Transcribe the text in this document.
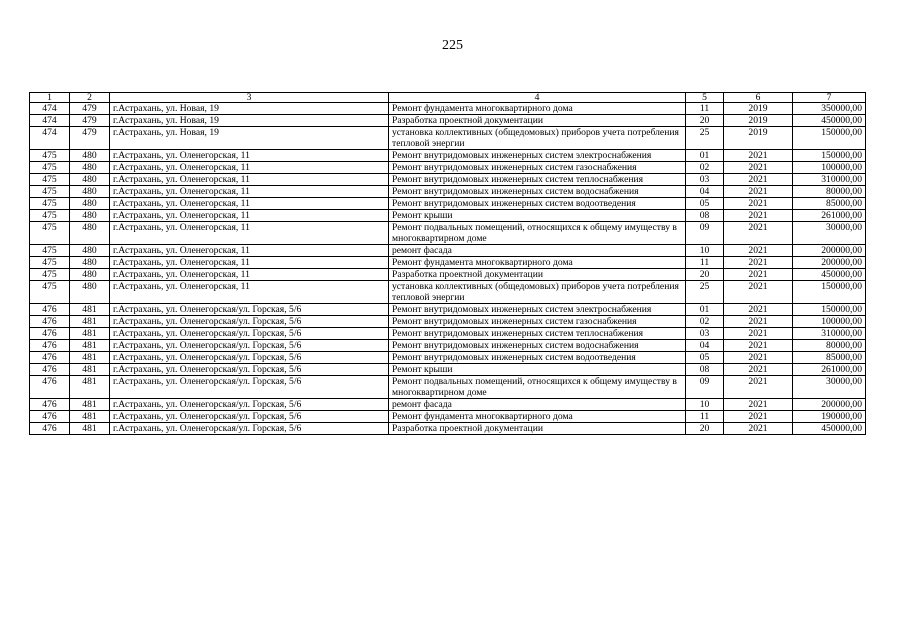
225
1	2	3	4	5	6	7
474	479	г.Астрахань, ул. Новая, 19	Ремонт фундамента многоквартирного дома	11	2019	350000,00
474	479	г.Астрахань, ул. Новая, 19	Разработка проектной документации	20	2019	450000,00
474	479	г.Астрахань, ул. Новая, 19	установка коллективных (общедомовых) приборов учета потребления тепловой энергии	25	2019	150000,00
475	480	г.Астрахань, ул. Оленегорская, 11	Ремонт внутридомовых инженерных систем электроснабжения	01	2021	150000,00
475	480	г.Астрахань, ул. Оленегорская, 11	Ремонт внутридомовых инженерных систем газоснабжения	02	2021	100000,00
475	480	г.Астрахань, ул. Оленегорская, 11	Ремонт внутридомовых инженерных систем теплоснабжения	03	2021	310000,00
475	480	г.Астрахань, ул. Оленегорская, 11	Ремонт внутридомовых инженерных систем водоснабжения	04	2021	80000,00
475	480	г.Астрахань, ул. Оленегорская, 11	Ремонт внутридомовых инженерных систем водоотведения	05	2021	85000,00
475	480	г.Астрахань, ул. Оленегорская, 11	Ремонт крыши	08	2021	261000,00
475	480	г.Астрахань, ул. Оленегорская, 11	Ремонт подвальных помещений, относящихся к общему имуществу в многоквартирном доме	09	2021	30000,00
475	480	г.Астрахань, ул. Оленегорская, 11	ремонт фасада	10	2021	200000,00
475	480	г.Астрахань, ул. Оленегорская, 11	Ремонт фундамента многоквартирного дома	11	2021	200000,00
475	480	г.Астрахань, ул. Оленегорская, 11	Разработка проектной документации	20	2021	450000,00
475	480	г.Астрахань, ул. Оленегорская, 11	установка коллективных (общедомовых) приборов учета потребления тепловой энергии	25	2021	150000,00
476	481	г.Астрахань, ул. Оленегорская/ул. Горская, 5/6	Ремонт внутридомовых инженерных систем электроснабжения	01	2021	150000,00
476	481	г.Астрахань, ул. Оленегорская/ул. Горская, 5/6	Ремонт внутридомовых инженерных систем газоснабжения	02	2021	100000,00
476	481	г.Астрахань, ул. Оленегорская/ул. Горская, 5/6	Ремонт внутридомовых инженерных систем теплоснабжения	03	2021	310000,00
476	481	г.Астрахань, ул. Оленегорская/ул. Горская, 5/6	Ремонт внутридомовых инженерных систем водоснабжения	04	2021	80000,00
476	481	г.Астрахань, ул. Оленегорская/ул. Горская, 5/6	Ремонт внутридомовых инженерных систем водоотведения	05	2021	85000,00
476	481	г.Астрахань, ул. Оленегорская/ул. Горская, 5/6	Ремонт крыши	08	2021	261000,00
476	481	г.Астрахань, ул. Оленегорская/ул. Горская, 5/6	Ремонт подвальных помещений, относящихся к общему имуществу в многоквартирном доме	09	2021	30000,00
476	481	г.Астрахань, ул. Оленегорская/ул. Горская, 5/6	ремонт фасада	10	2021	200000,00
476	481	г.Астрахань, ул. Оленегорская/ул. Горская, 5/6	Ремонт фундамента многоквартирного дома	11	2021	190000,00
476	481	г.Астрахань, ул. Оленегорская/ул. Горская, 5/6	Разработка проектной документации	20	2021	450000,00
